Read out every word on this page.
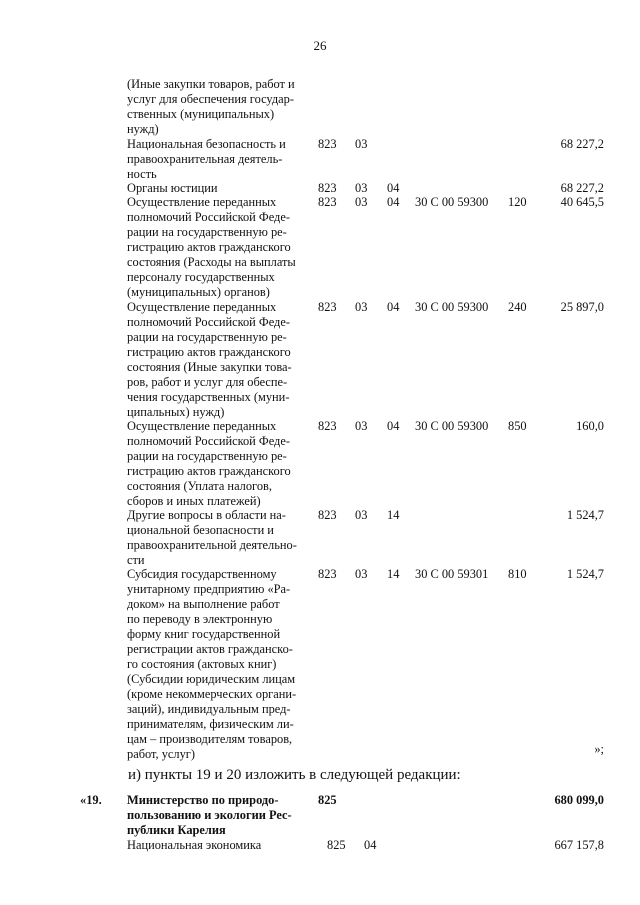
26
(Иные закупки товаров, работ и
услуг для обеспечения государ-
ственных (муниципальных)
нужд)
Национальная безопасность и
правоохранительная деятель-
ность
823 03	68 227,2
Органы юстиции	823 03 04	68 227,2
Осуществление переданных
полномочий Российской Феде-
рации на государственную ре-
гистрацию актов гражданского
состояния (Расходы на выплаты
персоналу государственных
(муниципальных) органов)
823 03 04 30 С 00 59300 120	40 645,5
Осуществление переданных
полномочий Российской Феде-
рации на государственную ре-
гистрацию актов гражданского
состояния (Иные закупки това-
ров, работ и услуг для обеспе-
чения государственных (муни-
ципальных) нужд)
823 03 04 30 С 00 59300 240	25 897,0
Осуществление переданных
полномочий Российской Феде-
рации на государственную ре-
гистрацию актов гражданского
состояния (Уплата налогов,
сборов и иных платежей)
823 03 04 30 С 00 59300 850	160,0
Другие вопросы в области на-
циональной безопасности и
правоохранительной деятельно-
сти
823 03 14	1 524,7
Субсидия государственному
унитарному предприятию «Ра-
доком» на выполнение работ
по переводу в электронную
форму книг государственной
регистрации актов гражданско-
го состояния (актовых книг)
(Субсидии юридическим лицам
(кроме некоммерческих органи-
заций), индивидуальным пред-
принимателям, физическим ли-
цам – производителям товаров,
работ, услуг)
823 03 14 30 С 00 59301 810	1 524,7
»;
и) пункты 19 и 20 изложить в следующей редакции:
«19. Министерство по природо-
пользованию и экологии Рес-
публики Карелия
825	680 099,0
Национальная экономика	825 04	667 157,8
